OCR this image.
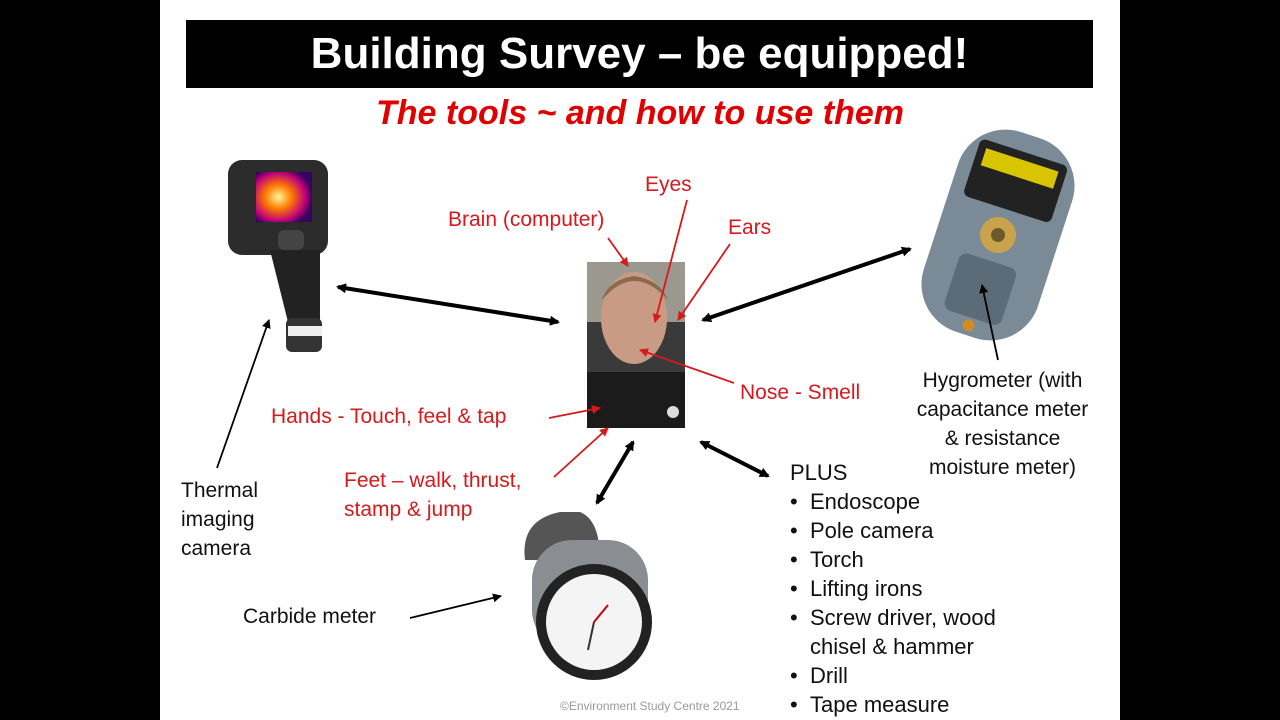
Building Survey – be equipped!
The tools ~ and how to use them
Eyes
Brain (computer)	Ears
Nose - Smell
Hands - Touch, feel & tap
Feet – walk, thrust,
stamp & jump
Thermal
imaging
camera
Hygrometer (with
capacitance meter
& resistance
moisture meter)
Carbide meter
PLUS
• Endoscope
• Pole camera
• Torch
• Lifting irons
• Screw driver, wood chisel & hammer
• Drill
• Tape measure
©Environment Study Centre 2021
